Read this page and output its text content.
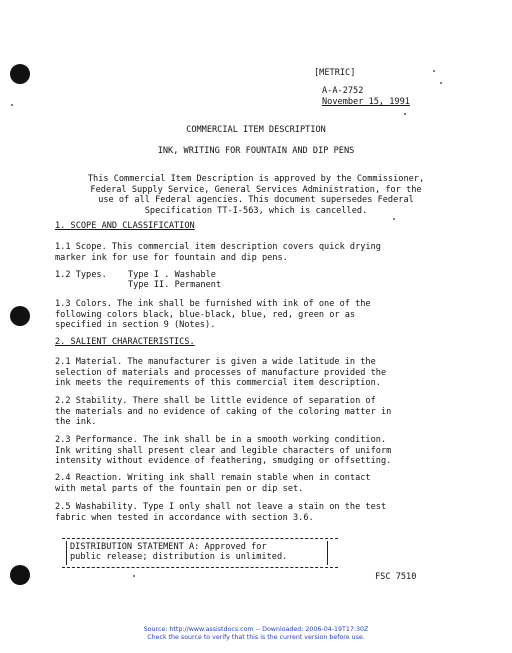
[METRIC]
A-A-2752
November 15, 1991
COMMERCIAL ITEM DESCRIPTION
INK, WRITING FOR FOUNTAIN AND DIP PENS
This Commercial Item Description is approved by the Commissioner,
Federal Supply Service, General Services Administration, for the
use of all Federal agencies. This document supersedes Federal
Specification TT-I-563, which is cancelled.
1. SCOPE AND CLASSIFICATION
1.1 Scope. This commercial item description covers quick drying
marker ink for use for fountain and dip pens.
1.2 Types. Type I . Washable
Type II. Permanent
1.3 Colors. The ink shall be furnished with ink of one of the
following colors black, blue-black, blue, red, green or as
specified in section 9 (Notes).
2. SALIENT CHARACTERISTICS.
2.1 Material. The manufacturer is given a wide latitude in the
selection of materials and processes of manufacture provided the
ink meets the requirements of this commercial item description.
2.2 Stability. There shall be little evidence of separation of
the materials and no evidence of caking of the coloring matter in
the ink.
2.3 Performance. The ink shall be in a smooth working condition.
Ink writing shall present clear and legible characters of uniform
intensity without evidence of feathering, smudging or offsetting.
2.4 Reaction. Writing ink shall remain stable when in contact
with metal parts of the fountain pen or dip set.
2.5 Washability. Type I only shall not leave a stain on the test
fabric when tested in accordance with section 3.6.
DISTRIBUTION STATEMENT A: Approved for
public release; distribution is unlimited.
FSC 7510
Source: http://www.assistdocs.com -- Downloaded: 2006-04-19T17:30Z
Check the source to verify that this is the current version before use.
